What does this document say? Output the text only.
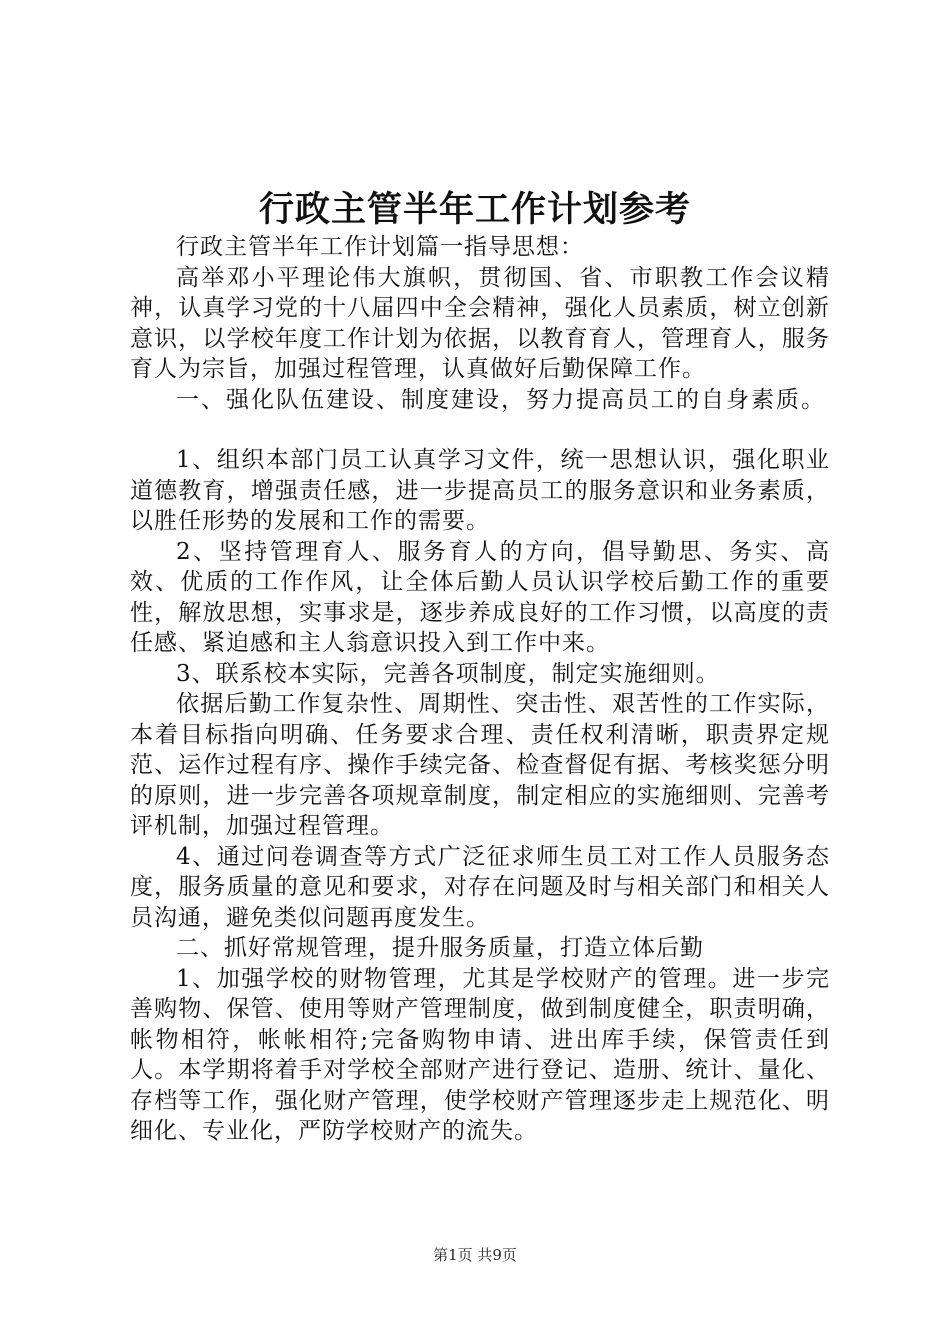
行政主管半年工作计划参考

行政主管半年工作计划篇一指导思想：

高举邓小平理论伟大旗帜，贯彻国、省、市职教工作会议精神，认真学习党的十八届四中全会精神，强化人员素质，树立创新意识，以学校年度工作计划为依据，以教育育人，管理育人，服务育人为宗旨，加强过程管理，认真做好后勤保障工作。

一、强化队伍建设、制度建设，努力提高员工的自身素质。

1、组织本部门员工认真学习文件，统一思想认识，强化职业道德教育，增强责任感，进一步提高员工的服务意识和业务素质，以胜任形势的发展和工作的需要。

2、坚持管理育人、服务育人的方向，倡导勤思、务实、高效、优质的工作作风，让全体后勤人员认识学校后勤工作的重要性，解放思想，实事求是，逐步养成良好的工作习惯，以高度的责任感、紧迫感和主人翁意识投入到工作中来。

3、联系校本实际，完善各项制度，制定实施细则。

依据后勤工作复杂性、周期性、突击性、艰苦性的工作实际，本着目标指向明确、任务要求合理、责任权利清晰，职责界定规范、运作过程有序、操作手续完备、检查督促有据、考核奖惩分明的原则，进一步完善各项规章制度，制定相应的实施细则、完善考评机制，加强过程管理。

4、通过问卷调查等方式广泛征求师生员工对工作人员服务态度，服务质量的意见和要求，对存在问题及时与相关部门和相关人员沟通，避免类似问题再度发生。

二、抓好常规管理，提升服务质量，打造立体后勤

1、加强学校的财物管理，尤其是学校财产的管理。进一步完善购物、保管、使用等财产管理制度，做到制度健全，职责明确，帐物相符，帐帐相符;完备购物申请、进出库手续，保管责任到人。本学期将着手对学校全部财产进行登记、造册、统计、量化、存档等工作，强化财产管理，使学校财产管理逐步走上规范化、明细化、专业化，严防学校财产的流失。

第1页 共9页
